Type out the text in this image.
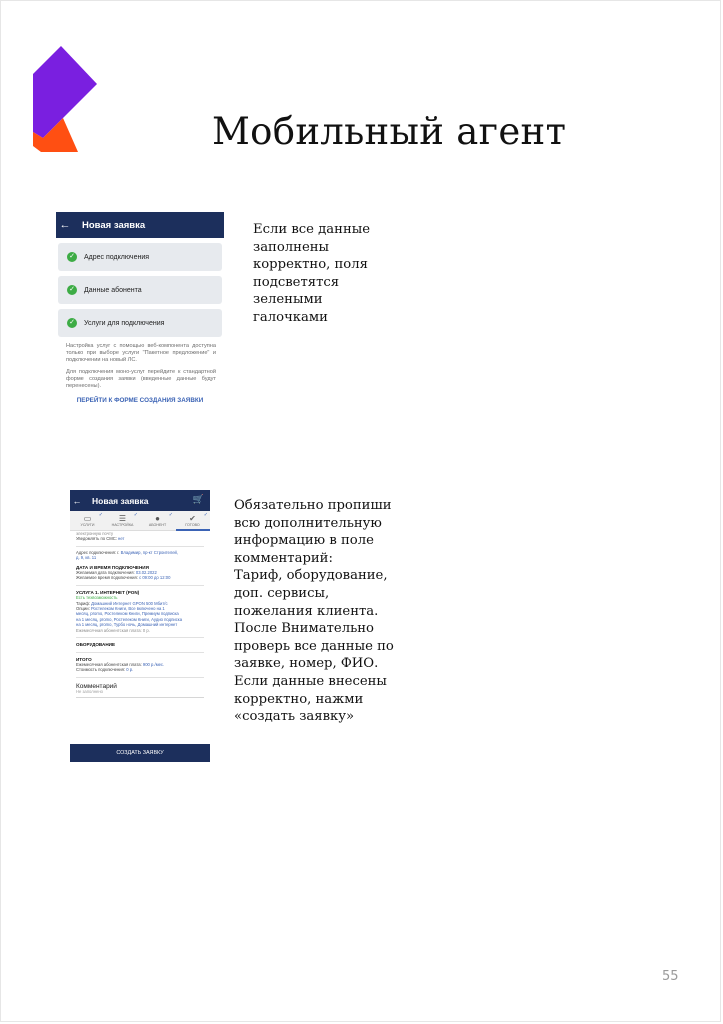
Мобильный агент
←	Новая заявка
✓ Адрес подключения
✓ Данные абонента
✓ Услуги для подключения
Настройка услуг с помощью веб-компонента доступна только при выборе услуги "Пакетное предложение" и подключении на новый ЛС.
Для подключения моно-услуг перейдите к стандартной форме создания заявки (введенные данные будут перенесены).
ПЕРЕЙТИ К ФОРМЕ СОЗДАНИЯ ЗАЯВКИ
Если все данные
заполнены
корректно, поля
подсветятся
зелеными
галочками
← Новая заявка	🛒
▭
УСЛУГИ
✓ ☰
НАСТРОЙКА
✓ ●
АБОНЕНТ
✓ ✔
ГОТОВО
✓
электронную почту
Уведомлять по СМС: нет
Адрес подключения: г. Владимир, пр-кт Строителей,
д. 9, кв. 11
ДАТА И ВРЕМЯ ПОДКЛЮЧЕНИЯ
Желаемая дата подключения: 03.02.2022
Желаемое время подключения: с 09:00 до 12:00
УСЛУГА 1. ИНТЕРНЕТ (PON)
Есть техвозможность
Тариф: Домашний Интернет GPON 500 Мбит/с
Опции: Ростелеком Книги, Все включено на 1
месяц, promo, Ростелеком Книги, Премиум подписка
на 1 месяц, promo, Ростелеком Книги, Аудио подписка
на 1 месяц, promo, Турбо ночь, Домашний интернет
Ежемесячная абонентская плата: 0 р.
ОБОРУДОВАНИЕ
ИТОГО
Ежемесячная абонентская плата: 900 р./мес.
Стоимость подключения: 0 р.
Комментарий
Не заполнено
СОЗДАТЬ ЗАЯВКУ
Обязательно пропиши
всю дополнительную
информацию в поле
комментарий:
Тариф, оборудование,
доп. сервисы,
пожелания клиента.
После Внимательно
проверь все данные по
заявке, номер, ФИО.
Если данные внесены
корректно, нажми
«создать заявку»
55
